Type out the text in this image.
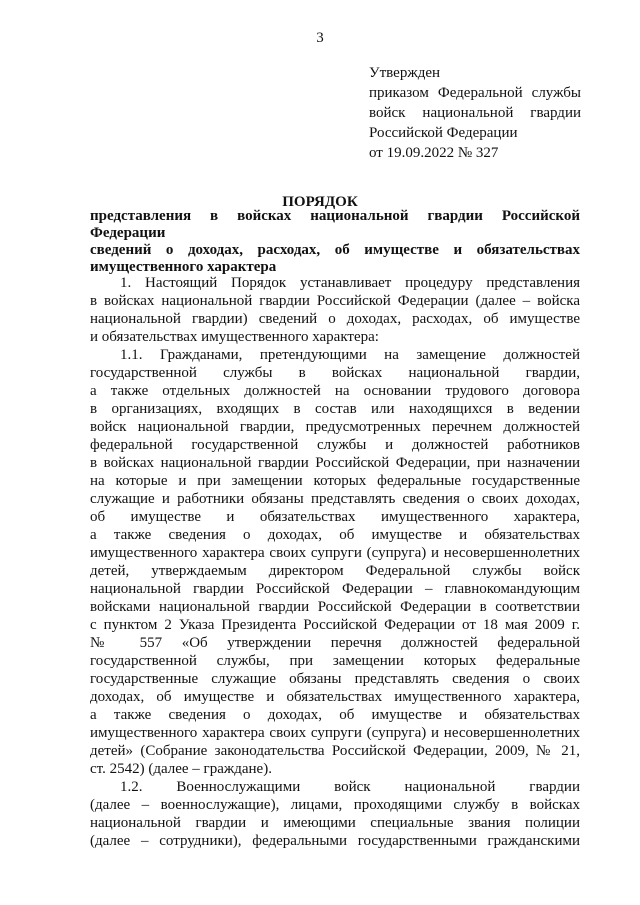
3
Утвержден
приказом Федеральной службы
войск национальной гвардии
Российской Федерации
от 19.09.2022 № 327
ПОРЯДОК
представления в войсках национальной гвардии Российской Федерации
сведений о доходах, расходах, об имуществе и обязательствах
имущественного характера
1. Настоящий Порядок устанавливает процедуру представления
в войсках национальной гвардии Российской Федерации (далее – войска
национальной гвардии) сведений о доходах, расходах, об имуществе
и обязательствах имущественного характера:
1.1. Гражданами, претендующими на замещение должностей
государственной службы в войсках национальной гвардии,
а также отдельных должностей на основании трудового договора
в организациях, входящих в состав или находящихся в ведении
войск национальной гвардии, предусмотренных перечнем должностей
федеральной государственной службы и должностей работников
в войсках национальной гвардии Российской Федерации, при назначении
на которые и при замещении которых федеральные государственные
служащие и работники обязаны представлять сведения о своих доходах,
об имуществе и обязательствах имущественного характера,
а также сведения о доходах, об имуществе и обязательствах
имущественного характера своих супруги (супруга) и несовершеннолетних
детей, утверждаемым директором Федеральной службы войск
национальной гвардии Российской Федерации – главнокомандующим
войсками национальной гвардии Российской Федерации в соответствии
с пунктом 2 Указа Президента Российской Федерации от 18 мая 2009 г.
№ 557 «Об утверждении перечня должностей федеральной
государственной службы, при замещении которых федеральные
государственные служащие обязаны представлять сведения о своих
доходах, об имуществе и обязательствах имущественного характера,
а также сведения о доходах, об имуществе и обязательствах
имущественного характера своих супруги (супруга) и несовершеннолетних
детей» (Собрание законодательства Российской Федерации, 2009, № 21,
ст. 2542) (далее – граждане).
1.2. Военнослужащими войск национальной гвардии
(далее – военнослужащие), лицами, проходящими службу в войсках
национальной гвардии и имеющими специальные звания полиции
(далее – сотрудники), федеральными государственными гражданскими
